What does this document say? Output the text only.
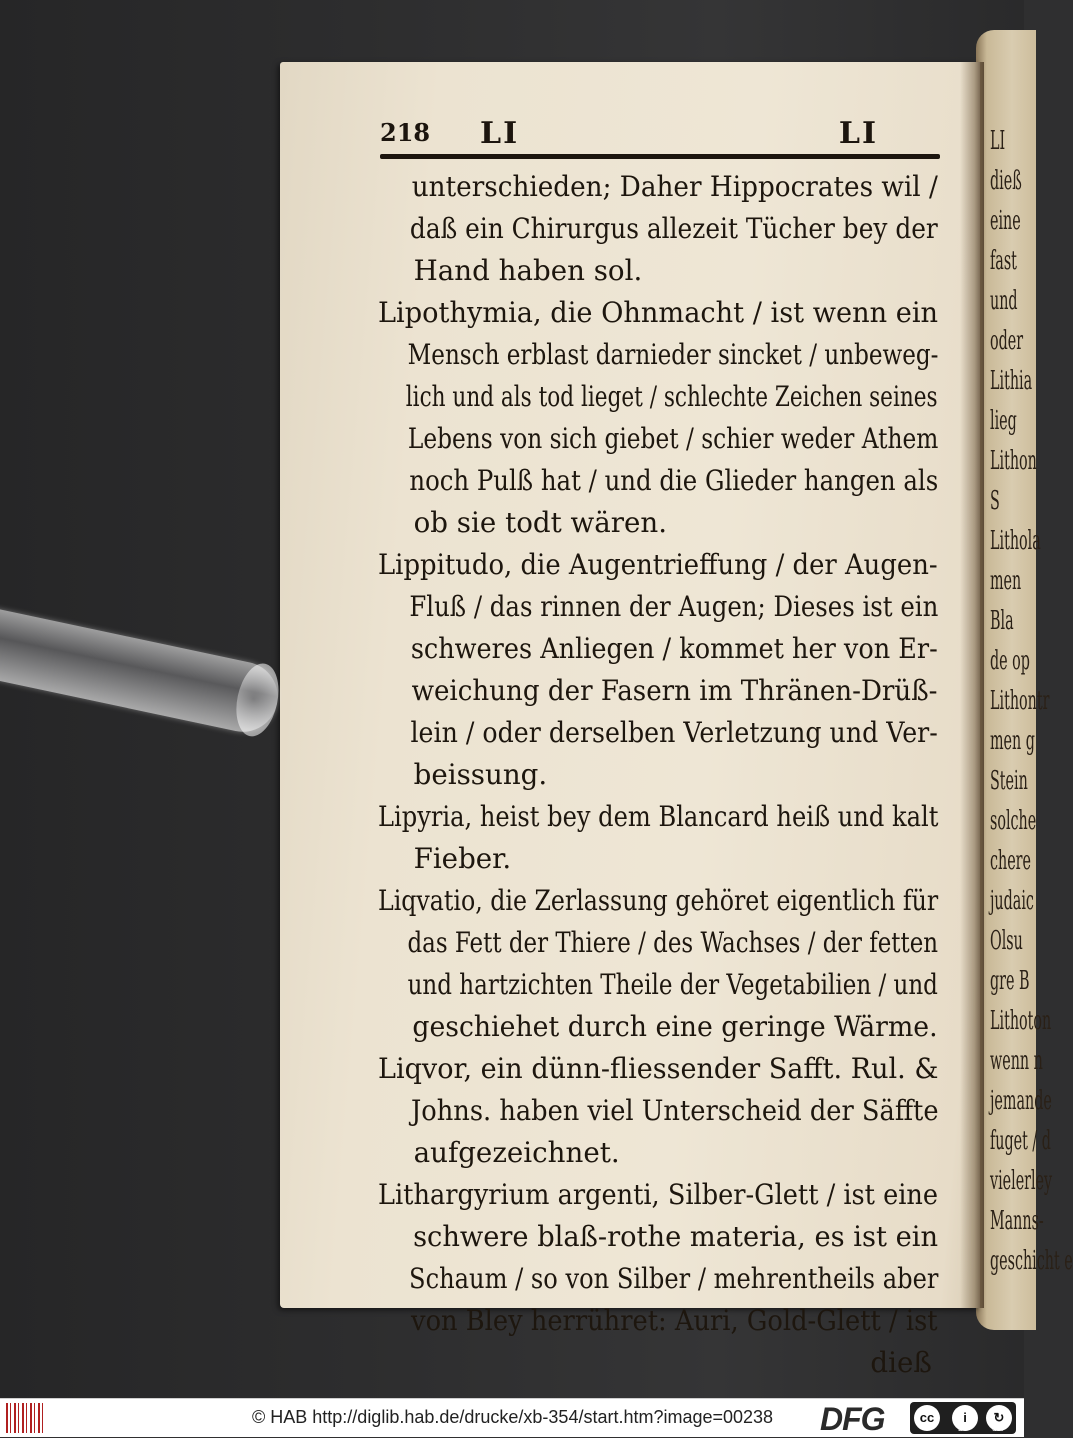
LI
dieß
eine
fast
und
oder
Lithia
lieg
Lithon
S
Lithola
men
Bla
de op
Lithontr
men g
Stein
solche
chere
judaic
Olsu
gre B
Lithoton
wenn n
jemande
fuget / d
vielerley
Manns-
geschicht e
218 LI	LI
unterschieden; Daher Hippocrates wil /
daß ein Chirurgus allezeit Tücher bey der
Hand haben sol.
Lipothymia, die Ohnmacht / ist wenn ein
Mensch erblast darnieder sincket / unbeweg-
lich und als tod lieget / schlechte Zeichen seines
Lebens von sich giebet / schier weder Athem
noch Pulß hat / und die Glieder hangen als
ob sie todt wären.
Lippitudo, die Augentrieffung / der Augen-
Fluß / das rinnen der Augen; Dieses ist ein
schweres Anliegen / kommet her von Er-
weichung der Fasern im Thränen-Drüß-
lein / oder derselben Verletzung und Ver-
beissung.
Lipyria, heist bey dem Blancard heiß und kalt
Fieber.
Liqvatio, die Zerlassung gehöret eigentlich für
das Fett der Thiere / des Wachses / der fetten
und hartzichten Theile der Vegetabilien / und
geschiehet durch eine geringe Wärme.
Liqvor, ein dünn-fliessender Safft. Rul. &
Johns. haben viel Unterscheid der Säffte
aufgezeichnet.
Lithargyrium argenti, Silber-Glett / ist eine
schwere blaß-rothe materia, es ist ein
Schaum / so von Silber / mehrentheils aber
von Bley herrühret: Auri, Gold-Glett / ist
dieß
© HAB http://diglib.hab.de/drucke/xb-354/start.htm?image=00238 DFG	cc	i	↻
BY	SA
